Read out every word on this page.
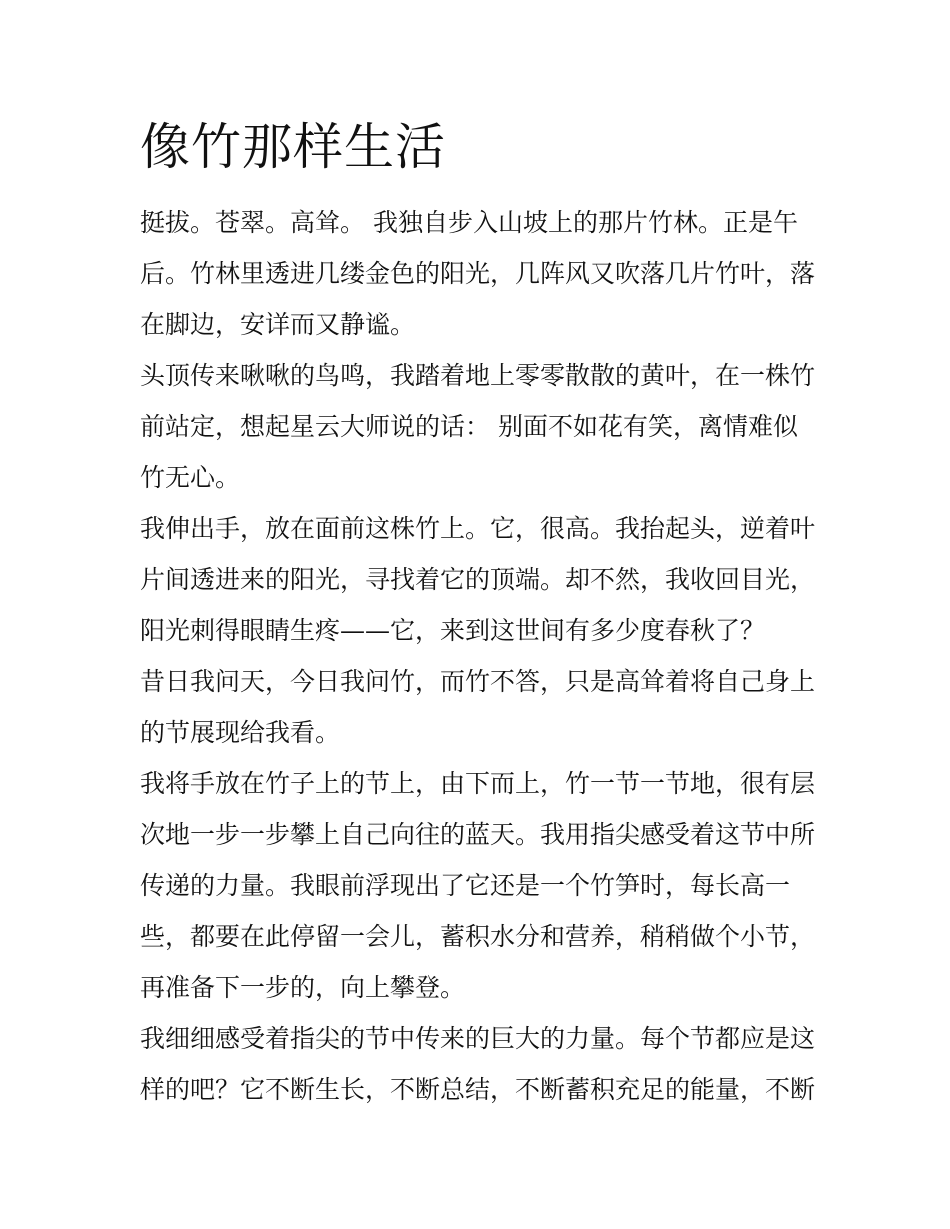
像竹那样生活
挺拔。苍翠。高耸。 我独自步入山坡上的那片竹林。正是午
后。竹林里透进几缕金色的阳光，几阵风又吹落几片竹叶，落
在脚边，安详而又静谧。
头顶传来啾啾的鸟鸣，我踏着地上零零散散的黄叶，在一株竹
前站定，想起星云大师说的话： 别面不如花有笑，离情难似
竹无心。
我伸出手，放在面前这株竹上。它，很高。我抬起头，逆着叶
片间透进来的阳光，寻找着它的顶端。却不然，我收回目光，
阳光刺得眼睛生疼——它，来到这世间有多少度春秋了？
昔日我问天，今日我问竹，而竹不答，只是高耸着将自己身上
的节展现给我看。
我将手放在竹子上的节上，由下而上，竹一节一节地，很有层
次地一步一步攀上自己向往的蓝天。我用指尖感受着这节中所
传递的力量。我眼前浮现出了它还是一个竹笋时，每长高一
些，都要在此停留一会儿，蓄积水分和营养，稍稍做个小节，
再准备下一步的，向上攀登。
我细细感受着指尖的节中传来的巨大的力量。每个节都应是这
样的吧？它不断生长，不断总结，不断蓄积充足的能量，不断
